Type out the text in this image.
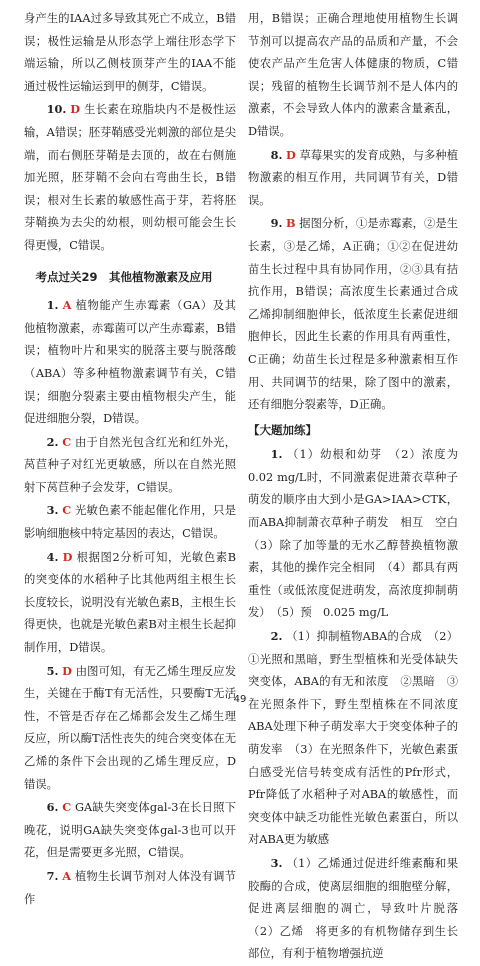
身产生的IAA过多导致其死亡不成立，B错误；极性运输是从形态学上端往形态学下端运输，所以乙侧枝顶芽产生的IAA不能通过极性运输运到甲的侧芽，C错误。

10. D 生长素在琼脂块内不是极性运输，A错误；胚芽鞘感受光刺激的部位是尖端，而右侧胚芽鞘是去顶的，故在右侧施加光照，胚芽鞘不会向右弯曲生长，B错误；根对生长素的敏感性高于芽，若将胚芽鞘换为去尖的幼根，则幼根可能会生长得更慢，C错误。

考点过关29　其他植物激素及应用

1. A 植物能产生赤霉素（GA）及其他植物激素，赤霉菌可以产生赤霉素，B错误；植物叶片和果实的脱落主要与脱落酸（ABA）等多种植物激素调节有关，C错误；细胞分裂素主要由植物根尖产生，能促进细胞分裂，D错误。

2. C 由于自然光包含红光和红外光，莴苣种子对红光更敏感，所以在自然光照射下莴苣种子会发芽，C错误。

3. C 光敏色素不能起催化作用，只是影响细胞核中特定基因的表达，C错误。

4. D 根据图2分析可知，光敏色素B的突变体的水稻种子比其他两组主根生长长度较长，说明没有光敏色素B，主根生长得更快，也就是光敏色素B对主根生长起抑制作用，D错误。

5. D 由图可知，有无乙烯生理反应发生，关键在于酶T有无活性，只要酶T无活性，不管是否存在乙烯都会发生乙烯生理反应，所以酶T活性丧失的纯合突变体在无乙烯的条件下会出现的乙烯生理反应，D错误。

6. C GA缺失突变体gal-3在长日照下晚花，说明GA缺失突变体gal-3也可以开花，但是需要更多光照，C错误。

7. A 植物生长调节剂对人体没有调节作

用，B错误；正确合理地使用植物生长调节剂可以提高农产品的品质和产量，不会使农产品产生危害人体健康的物质，C错误；残留的植物生长调节剂不是人体内的激素，不会导致人体内的激素含量紊乱，D错误。

8. D 草莓果实的发育成熟，与多种植物激素的相互作用，共同调节有关，D错误。

9. B 据图分析，①是赤霉素，②是生长素，③是乙烯，A正确；①②在促进幼苗生长过程中具有协同作用，②③具有拮抗作用，B错误；高浓度生长素通过合成乙烯抑制细胞伸长，低浓度生长素促进细胞伸长，因此生长素的作用具有两重性，C正确；幼苗生长过程是多种激素相互作用、共同调节的结果，除了图中的激素，还有细胞分裂素等，D正确。

【大题加练】

1. （1）幼根和幼芽　（2）浓度为0.02 mg/L时，不同激素促进萧衣草种子萌发的顺序由大到小是GA>IAA>CTK，而ABA抑制萧衣草种子萌发　相互　空白　（3）除了加等量的无水乙醇替换植物激素，其他的操作完全相同　（4）都具有两重性（或低浓度促进萌发，高浓度抑制萌发）　（5）预　0.025 mg/L

2. （1）抑制植物ABA的合成　（2）①光照和黑暗，野生型植株和光受体缺失突变体，ABA的有无和浓度　②黑暗　③在光照条件下，野生型植株在不同浓度ABA处理下种子萌发率大于突变体种子的萌发率　（3）在光照条件下，光敏色素蛋白感受光信号转变成有活性的Pfr形式，Pfr降低了水稻种子对ABA的敏感性，而突变体中缺乏功能性光敏色素蛋白，所以对ABA更为敏感

3. （1）乙烯通过促进纤维素酶和果胶酶的合成，使离层细胞的细胞壁分解，促进离层细胞的凋亡，导致叶片脱落　（2）乙烯　将更多的有机物储存到生长部位，有利于植物增强抗逆

· 49 ·
